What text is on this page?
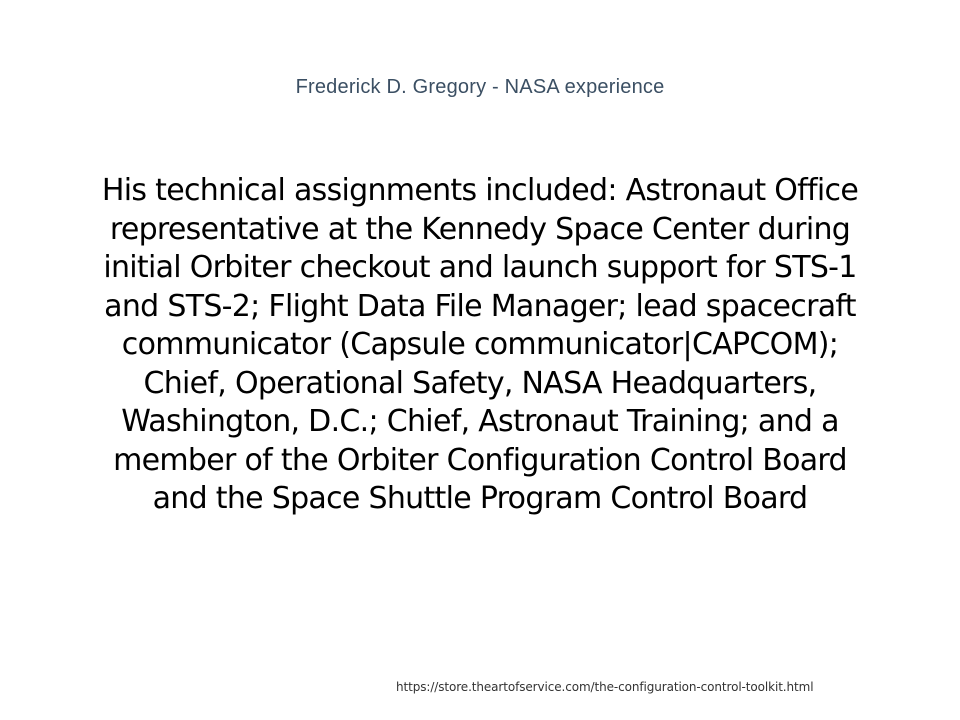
Frederick D. Gregory - NASA experience
His technical assignments included: Astronaut Office representative at the Kennedy Space Center during initial Orbiter checkout and launch support for STS-1 and STS-2; Flight Data File Manager; lead spacecraft communicator (Capsule communicator|CAPCOM); Chief, Operational Safety, NASA Headquarters, Washington, D.C.; Chief, Astronaut Training; and a member of the Orbiter Configuration Control Board and the Space Shuttle Program Control Board
https://store.theartofservice.com/the-configuration-control-toolkit.html
